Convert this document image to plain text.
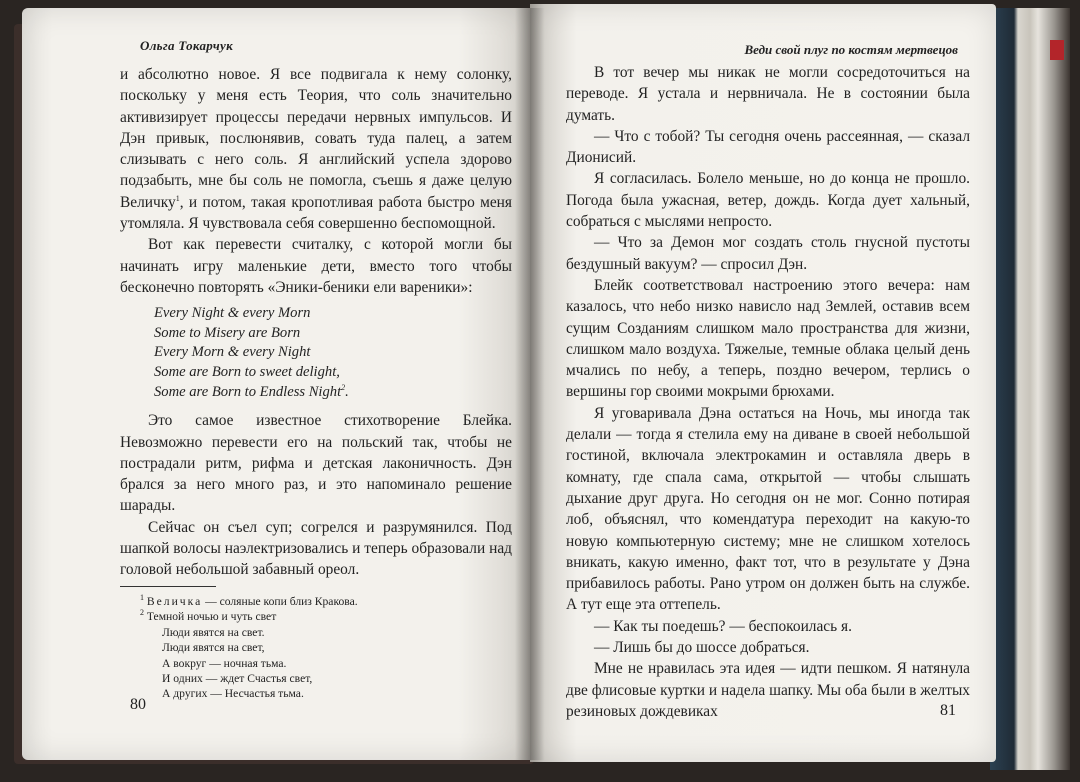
Ольга Токарчук

и абсолютно новое. Я все подвигала к нему солонку, поскольку у меня есть Теория, что соль значительно активизирует процессы передачи нервных импульсов. И Дэн привык, послюнявив, совать туда палец, а затем слизывать с него соль. Я английский успела здорово подзабыть, мне бы соль не помогла, съешь я даже целую Величку$^1$, и потом, такая кропотливая работа быстро меня утомляла. Я чувствовала себя совершенно беспомощной.

Вот как перевести считалку, с которой могли бы начинать игру маленькие дети, вместо того чтобы бесконечно повторять «Эники-беники ели вареники»:

Every Night & every Morn
Some to Misery are Born
Every Morn & every Night
Some are Born to sweet delight,
Some are Born to Endless Night$^2$.

Это самое известное стихотворение Блейка. Невозможно перевести его на польский так, чтобы не пострадали ритм, рифма и детская лаконичность. Дэн брался за него много раз, и это напоминало решение шарады.

Сейчас он съел суп; согрелся и разрумянился. Под шапкой волосы наэлектризовались и теперь образовали над головой небольшой забавный ореол.

$^1$ Величка — соляные копи близ Кракова.
$^2$ Темной ночью и чуть свет
Люди явятся на свет.
Люди явятся на свет,
А вокруг — ночная тьма.
И одних — ждет Счастья свет,
А других — Несчастья тьма.
80
Веди свой плуг по костям мертвецов

В тот вечер мы никак не могли сосредоточиться на переводе. Я устала и нервничала. Не в состоянии была думать.

— Что с тобой? Ты сегодня очень рассеянная, — сказал Дионисий.

Я согласилась. Болело меньше, но до конца не прошло. Погода была ужасная, ветер, дождь. Когда дует хальный, собраться с мыслями непросто.

— Что за Демон мог создать столь гнусной пустоты бездушный вакуум? — спросил Дэн.

Блейк соответствовал настроению этого вечера: нам казалось, что небо низко нависло над Землей, оставив всем сущим Созданиям слишком мало пространства для жизни, слишком мало воздуха. Тяжелые, темные облака целый день мчались по небу, а теперь, поздно вечером, терлись о вершины гор своими мокрыми брюхами.

Я уговаривала Дэна остаться на Ночь, мы иногда так делали — тогда я стелила ему на диване в своей небольшой гостиной, включала электрокамин и оставляла дверь в комнату, где спала сама, открытой — чтобы слышать дыхание друг друга. Но сегодня он не мог. Сонно потирая лоб, объяснял, что комендатура переходит на какую-то новую компьютерную систему; мне не слишком хотелось вникать, какую именно, факт тот, что в результате у Дэна прибавилось работы. Рано утром он должен быть на службе. А тут еще эта оттепель.

— Как ты поедешь? — беспокоилась я.

— Лишь бы до шоссе добраться.

Мне не нравилась эта идея — идти пешком. Я натянула две флисовые куртки и надела шапку. Мы оба были в желтых резиновых дождевиках	81
